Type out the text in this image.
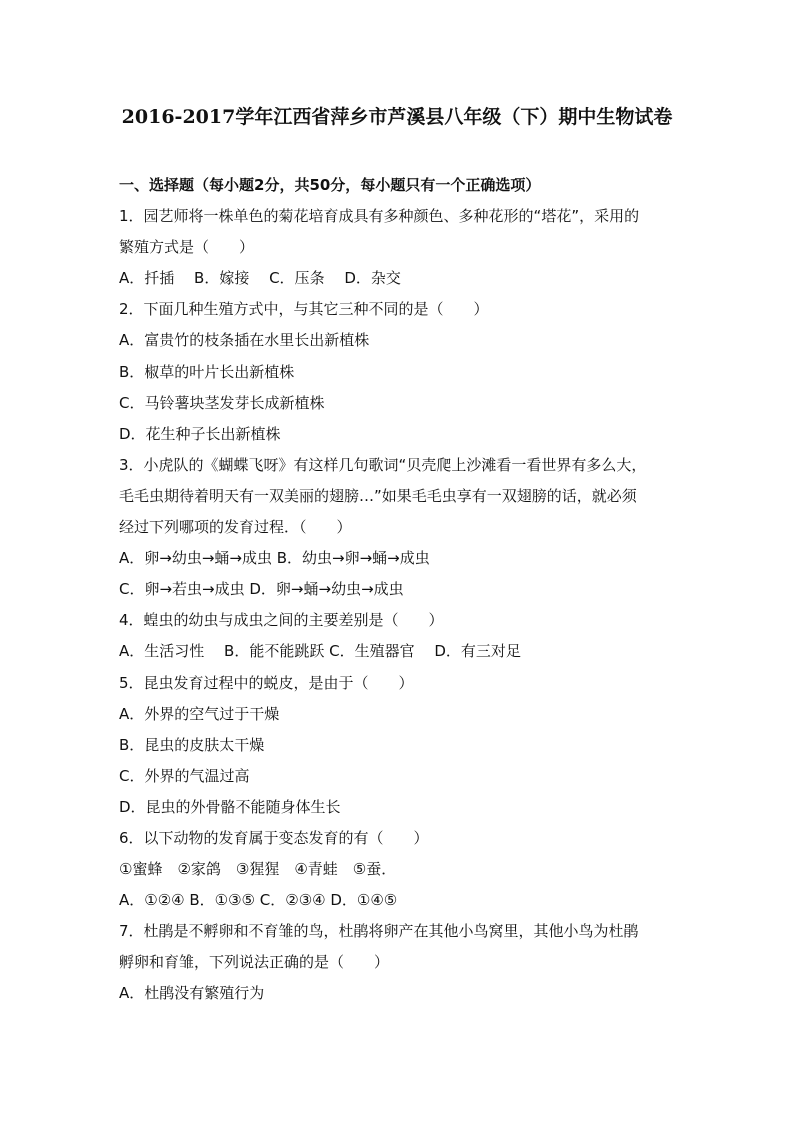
2016-2017学年江西省萍乡市芦溪县八年级（下）期中生物试卷
一、选择题（每小题2分，共50分，每小题只有一个正确选项）
1．园艺师将一株单色的菊花培育成具有多种颜色、多种花形的“塔花”，采用的
繁殖方式是（　　）
A．扦插　 B．嫁接　 C．压条　 D．杂交
2．下面几种生殖方式中，与其它三种不同的是（　　）
A．富贵竹的枝条插在水里长出新植株
B．椒草的叶片长出新植株
C．马铃薯块茎发芽长成新植株
D．花生种子长出新植株
3．小虎队的《蝴蝶飞呀》有这样几句歌词“贝壳爬上沙滩看一看世界有多么大，
毛毛虫期待着明天有一双美丽的翅膀…”如果毛毛虫享有一双翅膀的话，就必须
经过下列哪项的发育过程．（　　）
A．卵→幼虫→蛹→成虫 B．幼虫→卵→蛹→成虫
C．卵→若虫→成虫 D．卵→蛹→幼虫→成虫
4．蝗虫的幼虫与成虫之间的主要差别是（　　）
A．生活习性　 B．能不能跳跃 C．生殖器官　 D．有三对足
5．昆虫发育过程中的蜕皮，是由于（　　）
A．外界的空气过于干燥
B．昆虫的皮肤太干燥
C．外界的气温过高
D．昆虫的外骨骼不能随身体生长
6．以下动物的发育属于变态发育的有（　　）
①蜜蜂　②家鸽　③猩猩　④青蛙　⑤蚕．
A．①②④ B．①③⑤ C．②③④ D．①④⑤
7．杜鹃是不孵卵和不育雏的鸟，杜鹃将卵产在其他小鸟窝里，其他小鸟为杜鹃
孵卵和育雏，下列说法正确的是（　　）
A．杜鹃没有繁殖行为
